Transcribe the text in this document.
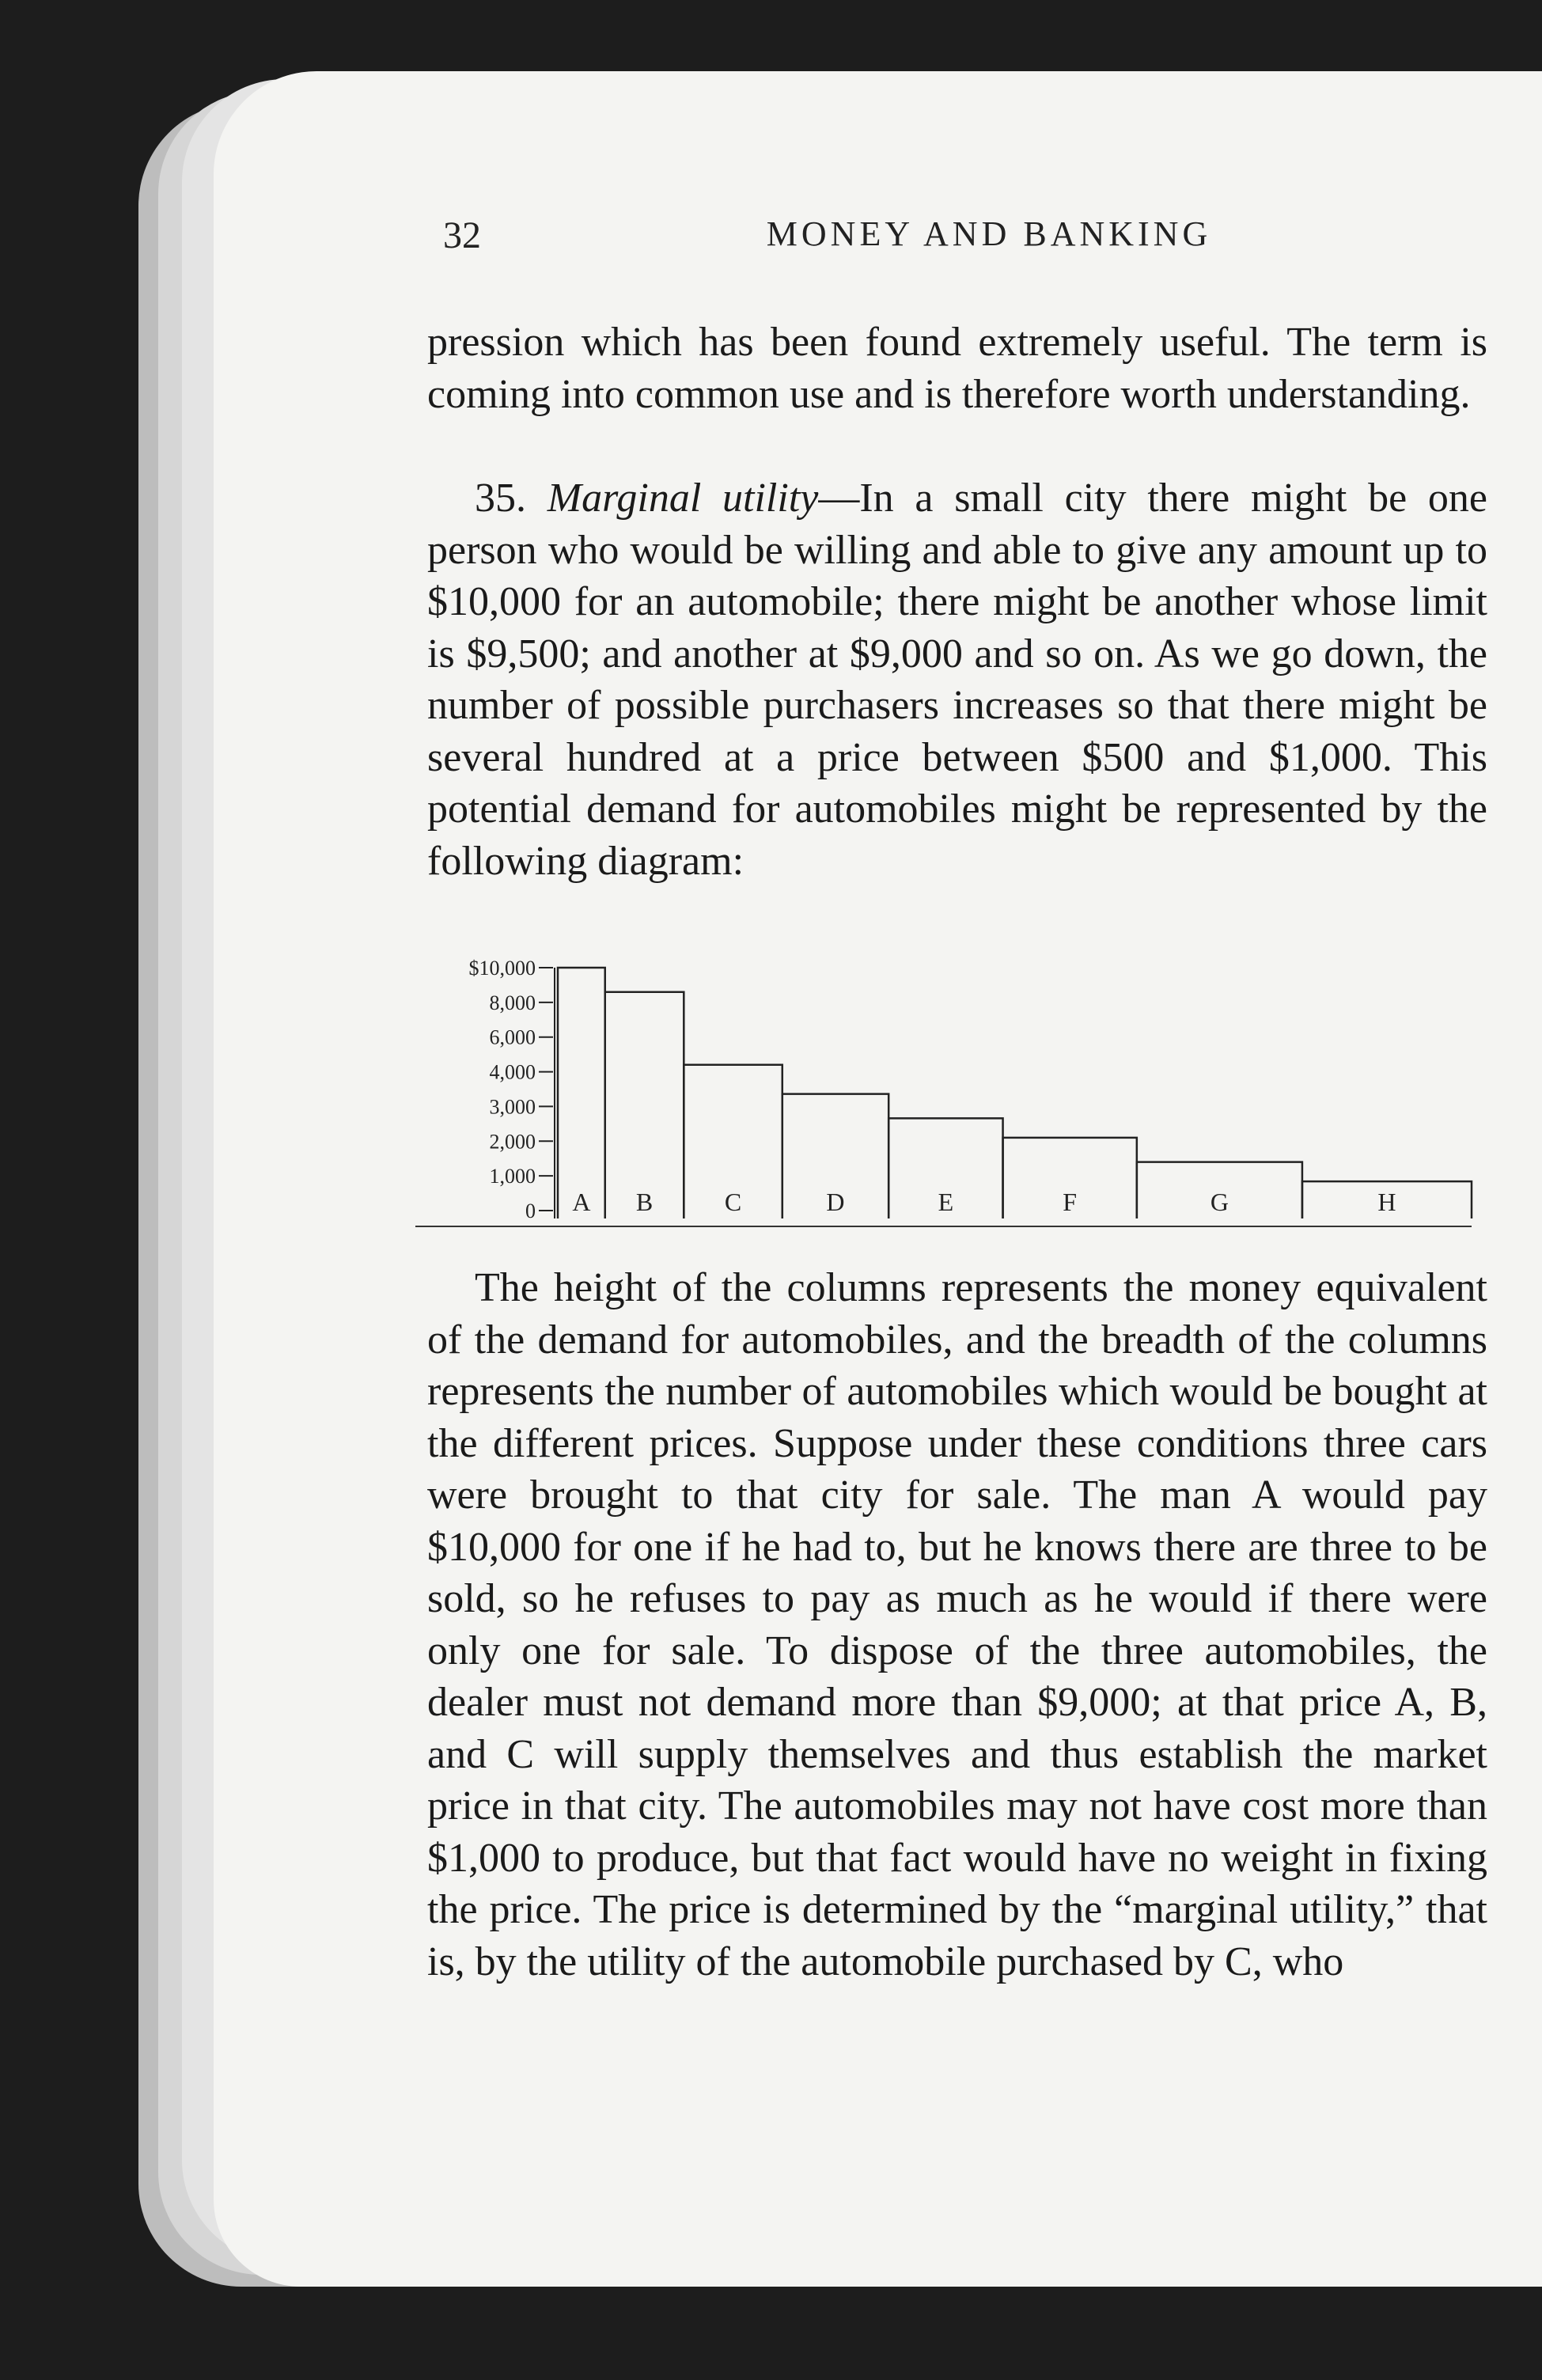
32	MONEY AND BANKING

pression which has been found extremely useful. The term is coming into common use and is therefore worth understanding.

35. Marginal utility—In a small city there might be one person who would be willing and able to give any amount up to $10,000 for an automobile; there might be another whose limit is $9,500; and another at $9,000 and so on. As we go down, the number of possible purchasers increases so that there might be several hundred at a price between $500 and $1,000. This potential demand for automobiles might be represented by the following diagram:

$10,000
8,000
6,000
4,000
3,000
2,000
1,000
0 A B	C	D	E	F	G	H

The height of the columns represents the money equivalent of the demand for automobiles, and the breadth of the columns represents the number of automobiles which would be bought at the different prices. Suppose under these conditions three cars were brought to that city for sale. The man A would pay $10,000 for one if he had to, but he knows there are three to be sold, so he refuses to pay as much as he would if there were only one for sale. To dispose of the three automobiles, the dealer must not demand more than $9,000; at that price A, B, and C will supply themselves and thus establish the market price in that city. The automobiles may not have cost more than $1,000 to produce, but that fact would have no weight in fixing the price. The price is determined by the “marginal utility,” that is, by the utility of the automobile purchased by C, who
